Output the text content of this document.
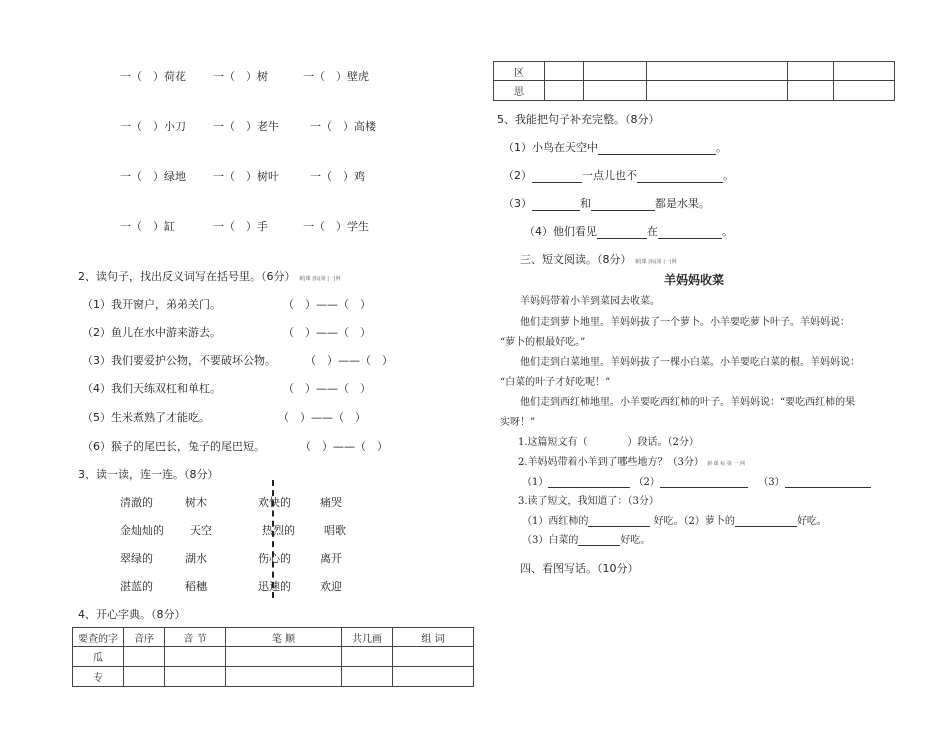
一（　）荷花 一（　）树	一（　）壁虎
一（　）小刀 一（　）老牛	一（　）高楼
一（　）绿地 一（　）树叶	一（　）鸡
一（　）缸	一（　）手	一（　）学生
2、读句子，找出反义词写在括号里。（6分） 新|课 |标|第 |一|网
（1）我开窗户，弟弟关门。	（　）——（　）
（2）鱼儿在水中游来游去。	（　）——（　）
（3）我们要爱护公物，不要破坏公物。	（　）——（　）
（4）我们天练双杠和单杠。	（　）——（　）
（5）生米煮熟了才能吃。	（　）——（　）
（6）猴子的尾巴长，兔子的尾巴短。	（　）——（　）
3、读一读，连一连。（8分）
清澈的	树木	欢快的	痛哭
金灿灿的 天空	热烈的	唱歌
翠绿的	湖水	伤心的	离开
湛蓝的	稻穗	迅速的	欢迎
4、开心字典。（8分）
要查的字	音序	音 节	笔 顺	共几画	组 词
瓜					
专					
区					
思					
5、我能把句子补充完整。（8分）
（1）小鸟在天空中	。
（2）	一点儿也不	。
（3）	和	都是水果。
（4）他们看见	在	。
三、短文阅读。（8分） 新|课 |标|第 |一|网
羊妈妈收菜
羊妈妈带着小羊到菜园去收菜。
他们走到萝卜地里。羊妈妈拔了一个萝卜。小羊要吃萝卜叶子。羊妈妈说：
“萝卜的根最好吃。”
他们走到白菜地里。羊妈妈拔了一棵小白菜。小羊要吃白菜的根。羊妈妈说：
“白菜的叶子才好吃呢！”
他们走到西红柿地里。小羊要吃西红柿的叶子。羊妈妈说：“要吃西红柿的果
实呀！”
1.这篇短文有（	）段话。（2分）
2.羊妈妈带着小羊到了哪些地方？（3分） 新 课 标 第 一 网
（1）	（2）	（3）
3.读了短文，我知道了：（3分）
（1）西红柿的	好吃。（2）萝卜的	好吃。
（3）白菜的	好吃。
四、看图写话。（10分）
